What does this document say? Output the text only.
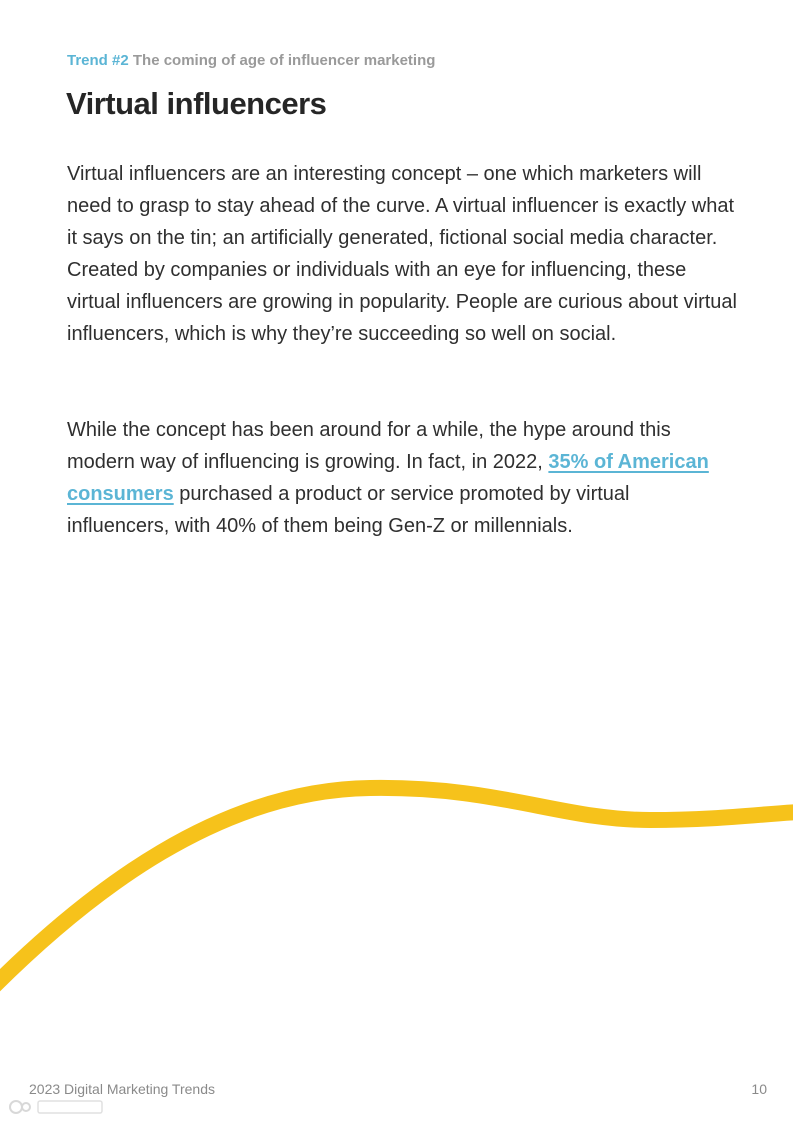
Trend #2 The coming of age of influencer marketing
Virtual influencers

Virtual influencers are an interesting concept – one which marketers will need to grasp to stay ahead of the curve. A virtual influencer is exactly what it says on the tin; an artificially generated, fictional social media character. Created by companies or individuals with an eye for influencing, these virtual influencers are growing in popularity. People are curious about virtual influencers, which is why they’re succeeding so well on social.

While the concept has been around for a while, the hype around this modern way of influencing is growing. In fact, in 2022, 35% of American consumers purchased a product or service promoted by virtual influencers, with 40% of them being Gen-Z or millennials.

2023 Digital Marketing Trends	10
